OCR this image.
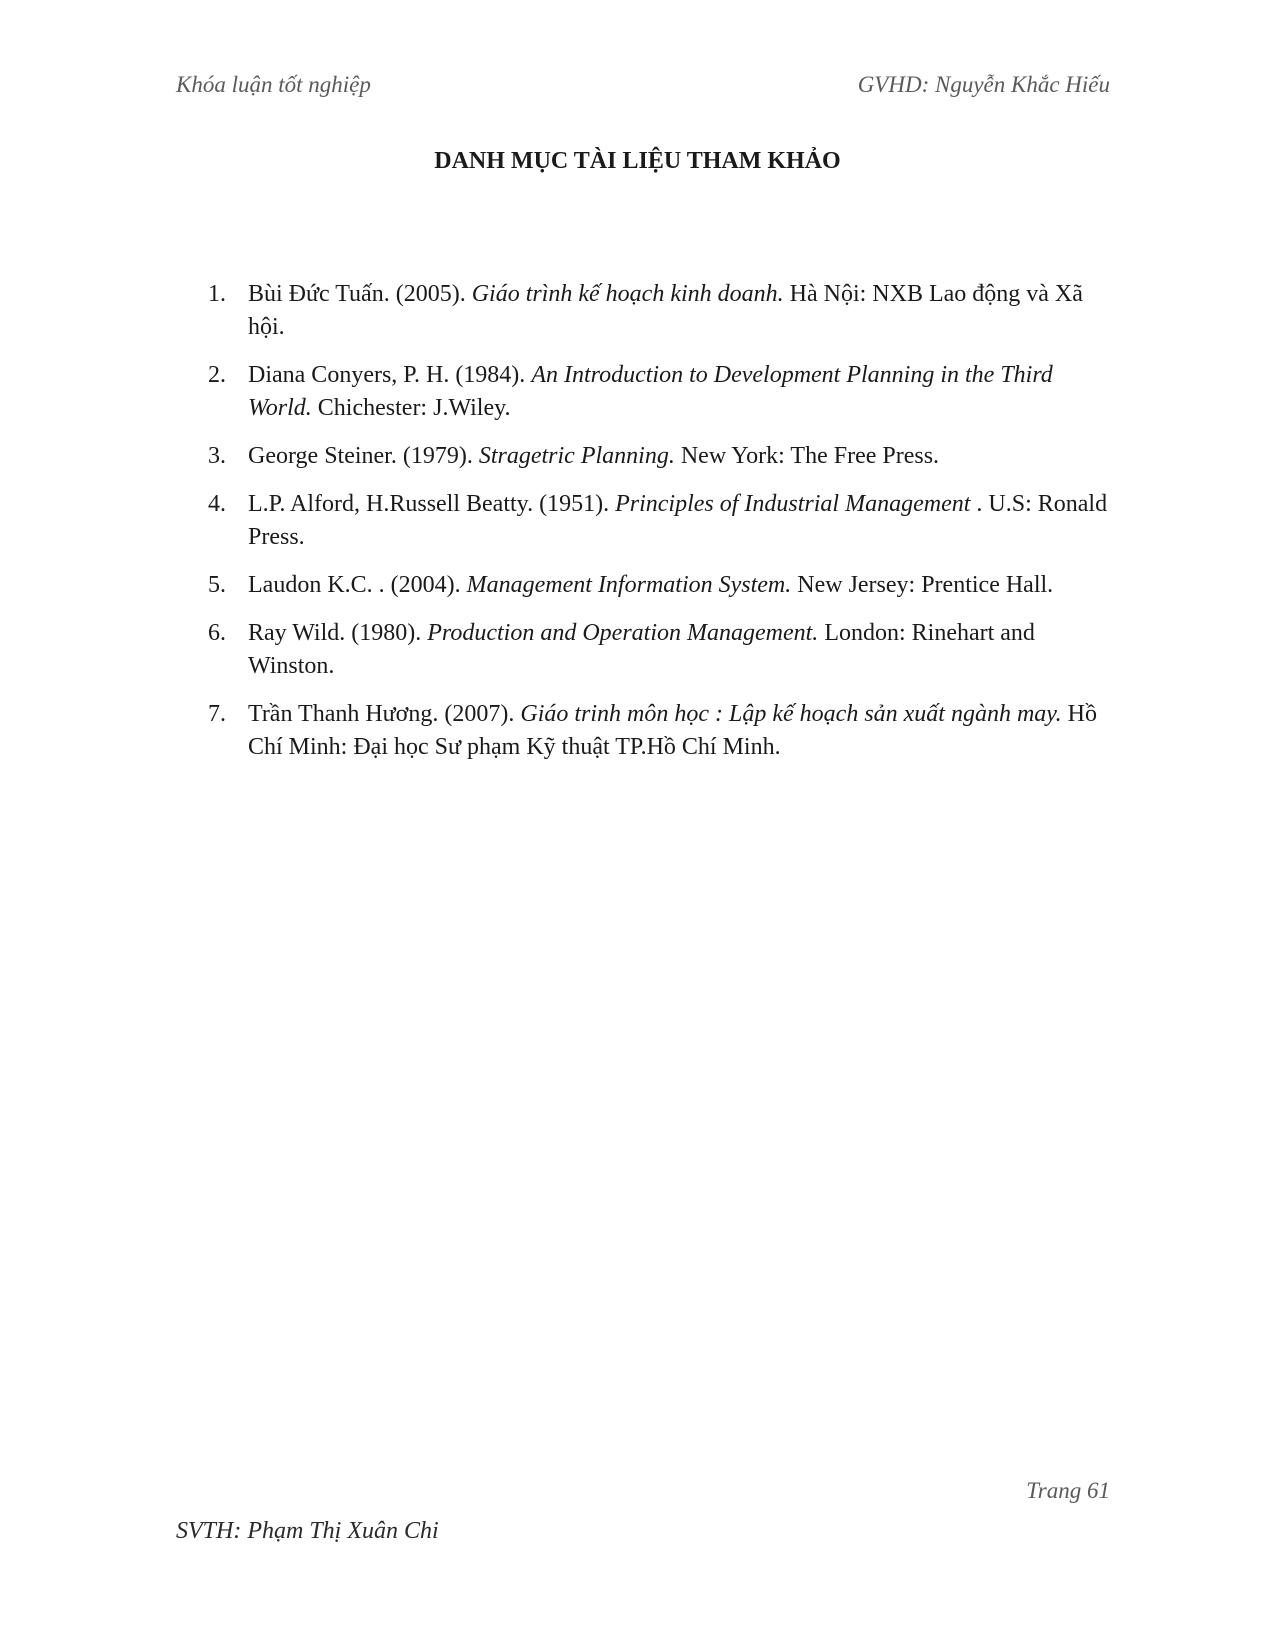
Khóa luận tốt nghiệp	GVHD: Nguyễn Khắc Hiếu
DANH MỤC TÀI LIỆU THAM KHẢO
1. Bùi Đức Tuấn. (2005). Giáo trình kế hoạch kinh doanh. Hà Nội: NXB Lao động và Xã hội.
2. Diana Conyers, P. H. (1984). An Introduction to Development Planning in the Third World. Chichester: J.Wiley.
3. George Steiner. (1979). Stragetric Planning. New York: The Free Press.
4. L.P. Alford, H.Russell Beatty. (1951). Principles of Industrial Management . U.S: Ronald Press.
5. Laudon K.C. . (2004). Management Information System. New Jersey: Prentice Hall.
6. Ray Wild. (1980). Production and Operation Management. London: Rinehart and Winston.
7. Trần Thanh Hương. (2007). Giáo trinh môn học : Lập kế hoạch sản xuất ngành may. Hồ Chí Minh: Đại học Sư phạm Kỹ thuật TP.Hồ Chí Minh.
Trang 61
SVTH: Phạm Thị Xuân Chi
